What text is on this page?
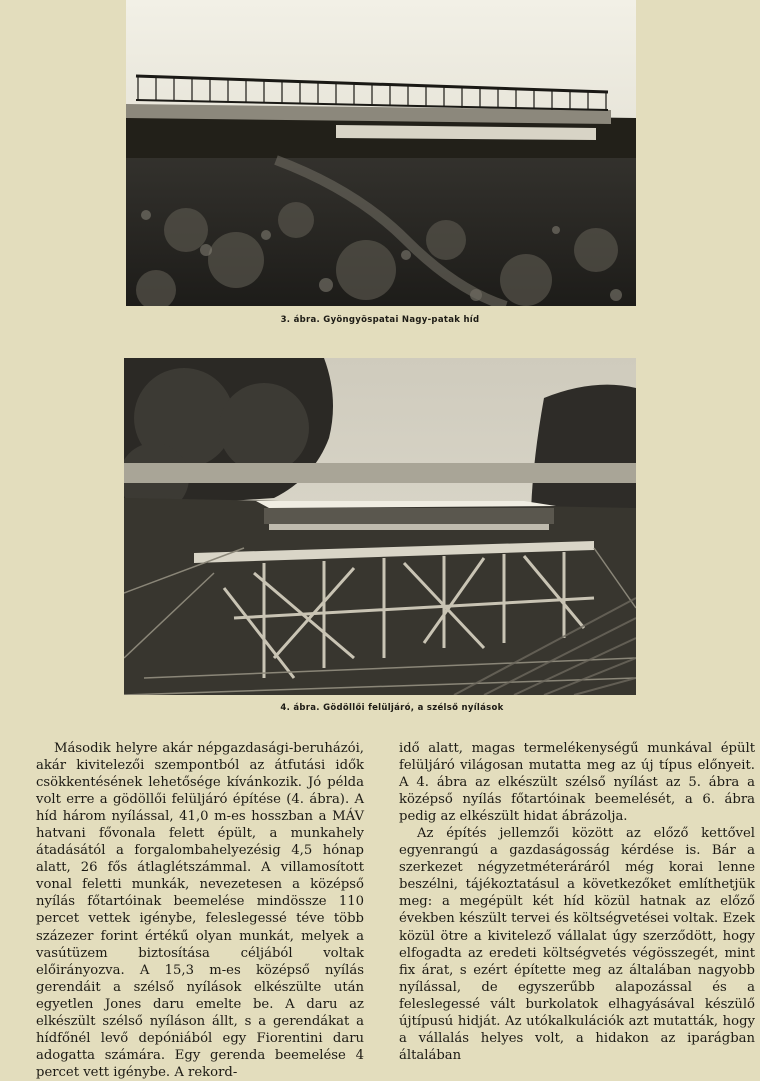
3. ábra. Gyöngyöspatai Nagy-patak híd
4. ábra. Gödöllői felüljáró, a szélső nyílások

Második helyre akár népgazdasági-beruházói, akár kivitelezői szempontból az átfutási idők csökkentésének lehetősége kívánkozik. Jó példa volt erre a gödöllői felüljáró építése (4. ábra). A híd három nyílással, 41,0 m-es hosszban a MÁV hatvani fővonala felett épült, a munkahely átadásától a forgalombahelyezésig 4,5 hónap alatt, 26 fős átlaglétszámmal. A villamosított vonal feletti munkák, nevezetesen a középső nyílás főtartóinak beemelése mindössze 110 percet vettek igénybe, feleslegessé téve több százezer forint értékű olyan munkát, melyek a vasútüzem biztosítása céljából voltak előirányozva. A 15,3 m-es középső nyílás gerendáit a szélső nyílások elkészülte után egyetlen Jones daru emelte be. A daru az elkészült szélső nyíláson állt, s a gerendákat a hídfőnél levő depóniából egy Fiorentini daru adogatta számára. Egy gerenda beemelése 4 percet vett igénybe. A rekord-

idő alatt, magas termelékenységű munkával épült felüljáró világosan mutatta meg az új típus előnyeit. A 4. ábra az elkészült szélső nyílást az 5. ábra a középső nyílás főtartóinak beemelését, a 6. ábra pedig az elkészült hidat ábrázolja.

Az építés jellemzői között az előző kettővel egyenrangú a gazdaságosság kérdése is. Bár a szerkezet négyzetméteráráról még korai lenne beszélni, tájékoztatásul a következőket említhetjük meg: a megépült két híd közül hatnak az előző években készült tervei és költségvetései voltak. Ezek közül ötre a kivitelező vállalat úgy szerződött, hogy elfogadta az eredeti költségvetés végösszegét, mint fix árat, s ezért építette meg az általában nagyobb nyílással, de egyszerűbb alapozással és a feleslegessé vált burkolatok elhagyásával készülő újtípusú hidját. Az utókalkulációk azt mutatták, hogy a vállalás helyes volt, a hidakon az iparágban általában
